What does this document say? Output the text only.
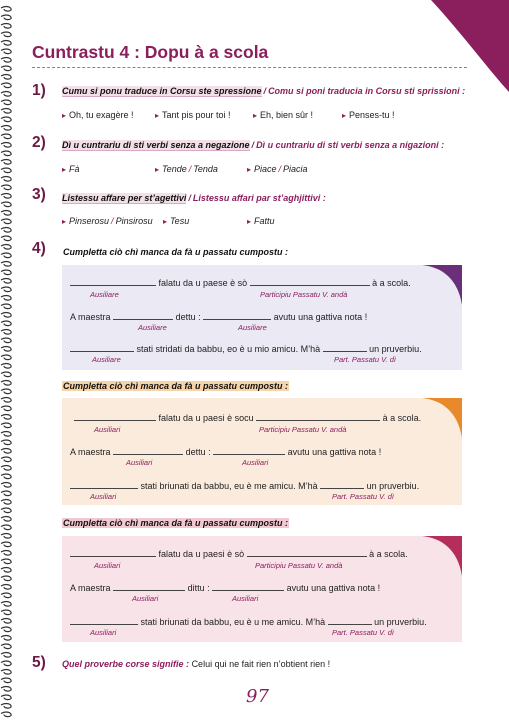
Cuntrastu 4 : Dopu à a scola
1) Cumu si ponu traduce in Corsu ste spressione / Comu si poni traducia in Corsu sti sprissioni :
▸ Oh, tu exagère !	▸ Tant pis pour toi !	▸ Eh, bien sûr !	▸ Penses-tu !
2) Dì u cuntrariu di sti verbi senza a negazione / Dì u cuntrariu di sti verbi senza a nigazioni :
▸ Fà	▸ Tende / Tenda	▸ Piace / Piacia
3) Listessu affare per st’agettivi / Listessu affari par st’aghjittivi :
▸ Pinserosu / Pinsirosu	▸ Tesu	▸ Fattu
4) Cumpletta ciò chì manca da fà u passatu cumpostu :
falatu da u paese è sò	à a scola.
Ausiliare	Participiu Passatu V. andà
A maestra	dettu :	avutu una gattiva nota !
Ausiliare	Ausiliare
stati stridati da babbu, eo è u mio amicu. M’hà	un pruverbiu.
Ausiliare	Part. Passatu V. dì
Cumpletta ciò chì manca da fà u passatu cumpostu :
falatu da u paesi è socu	à a scola.
Ausiliari	Participiu Passatu V. andà
A maestra	dettu :	avutu una gattiva nota !
Ausiliari	Ausiliari
stati briunati da babbu, eu è me amicu. M’hà	un pruverbiu.
Ausiliari	Part. Passatu V. dì
Cumpletta ciò chì manca da fà u passatu cumpostu :
falatu da u paesi è sò	à a scola.
Ausiliari	Participiu Passatu V. andà
A maestra	dittu :	avutu una gattiva nota !
Ausiliari	Ausiliari
stati briunati da babbu, eu è u me amicu. M’hà	un pruverbiu.
Ausiliari	Part. Passatu V. dì
5) Quel proverbe corse signifie : Celui qui ne fait rien n’obtient rien !
97
